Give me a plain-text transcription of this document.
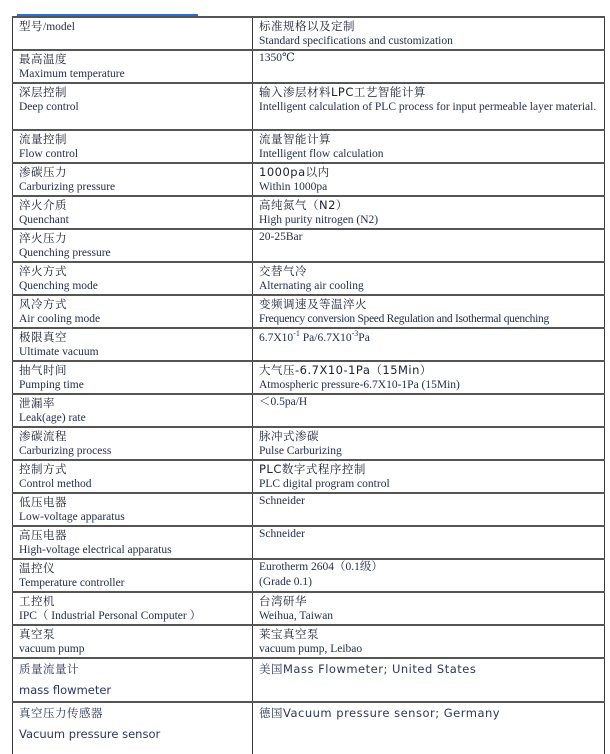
型号/model	标准规格以及定制
Standard specifications and customization

最高温度
Maximum temperature	1350℃

深层控制
Deep control	输入渗层材料LPC工艺智能计算
Intelligent calculation of PLC process for input permeable layer material.

流量控制
Flow control	流量智能计算
Intelligent flow calculation

渗碳压力
Carburizing pressure	1000pa以内
Within 1000pa

淬火介质
Quenchant	高纯氮气（N2）
High purity nitrogen (N2)

淬火压力
Quenching pressure	20-25Bar

淬火方式
Quenching mode	交替气冷
Alternating air cooling

风冷方式
Air cooling mode	变频调速及等温淬火
Frequency conversion Speed Regulation and Isothermal quenching

极限真空
Ultimate vacuum	$6.7X10^{-1}$ $Pa/6.7X10^{-3}Pa$

抽气时间
Pumping time	大气压-6.7X10-1Pa（15Min）
Atmospheric pressure-6.7X10-1Pa (15Min)

泄漏率
Leak(age) rate	＜0.5pa/H

渗碳流程
Carburizing process	脉冲式渗碳
Pulse Carburizing

控制方式
Control method	PLC数字式程序控制
PLC digital program control

低压电器
Low-voltage apparatus	Schneider

高压电器
High-voltage electrical apparatus	Schneider

温控仪
Temperature controller	Eurotherm 2604（0.1级）
(Grade 0.1)

工控机
IPC（ Industrial Personal Computer ）	台湾研华
Weihua, Taiwan

真空泵
vacuum pump	莱宝真空泵
vacuum pump, Leibao

质量流量计
mass flowmeter	美国Mass Flowmeter; United States

真空压力传感器
Vacuum pressure sensor	德国Vacuum pressure sensor; Germany
